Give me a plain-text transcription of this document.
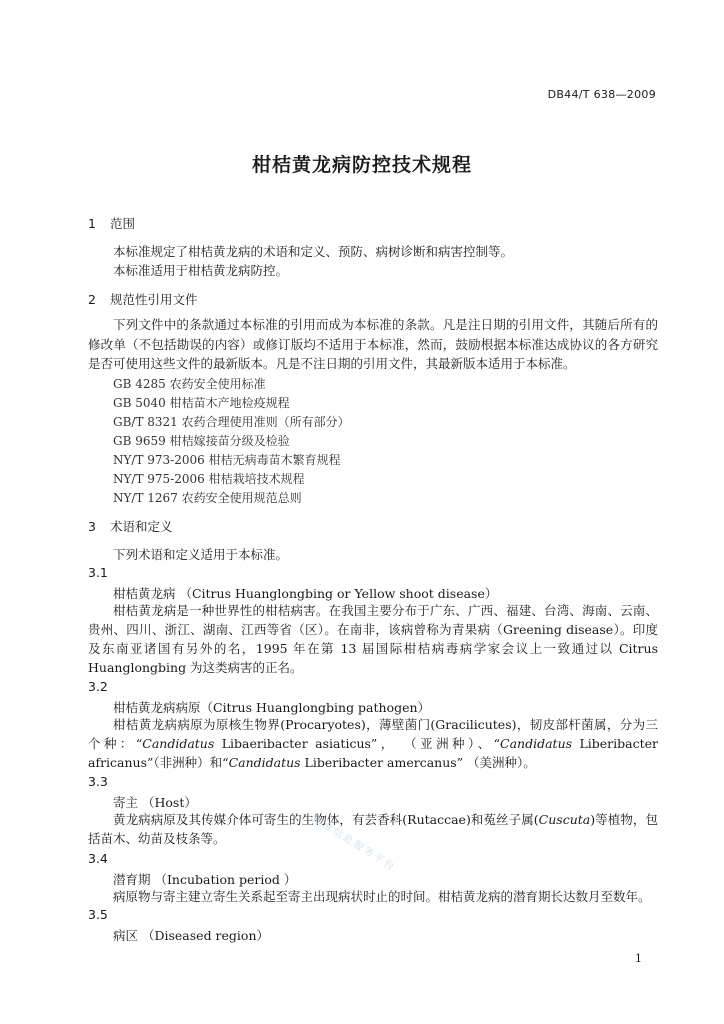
DB44/T 638—2009
柑桔黄龙病防控技术规程
1 范围
本标准规定了柑桔黄龙病的术语和定义、预防、病树诊断和病害控制等。
本标准适用于柑桔黄龙病防控。
2 规范性引用文件
下列文件中的条款通过本标准的引用而成为本标准的条款。凡是注日期的引用文件，其随后所有的修改单（不包括勘误的内容）或修订版均不适用于本标准，然而，鼓励根据本标准达成协议的各方研究是否可使用这些文件的最新版本。凡是不注日期的引用文件，其最新版本适用于本标准。
GB 4285 农药安全使用标准
GB 5040 柑桔苗木产地检疫规程
GB/T 8321 农药合理使用准则（所有部分）
GB 9659 柑桔嫁接苗分级及检验
NY/T 973-2006 柑桔无病毒苗木繁育规程
NY/T 975-2006 柑桔栽培技术规程
NY/T 1267 农药安全使用规范总则
3 术语和定义
下列术语和定义适用于本标准。
3.1
柑桔黄龙病 （Citrus Huanglongbing or Yellow shoot disease）
柑桔黄龙病是一种世界性的柑桔病害。在我国主要分布于广东、广西、福建、台湾、海南、云南、贵州、四川、浙江、湖南、江西等省（区）。在南非，该病曾称为青果病（Greening disease）。印度及东南亚诸国有另外的名，1995 年在第 13 届国际柑桔病毒病学家会议上一致通过以 Citrus Huanglongbing 为这类病害的正名。
3.2
柑桔黄龙病病原（Citrus Huanglongbing pathogen）
柑桔黄龙病病原为原核生物界(Procaryotes)，薄壁菌门(Gracilicutes)，韧皮部杆菌属，分为三个种：“Candidatus Libaeribacter asiaticus”， （亚洲种）、“Candidatus Liberibacter africanus”（非洲种）和“Candidatus Liberibacter amercanus” （美洲种）。
3.3
寄主 （Host）
黄龙病病原及其传媒介体可寄生的生物体，有芸香科(Rutaccae)和菟丝子属(Cuscuta)等植物，包括苗木、幼苗及枝条等。
3.4
潜育期 （Incubation period ）
病原物与寄主建立寄生关系起至寄主出现病状时止的时间。柑桔黄龙病的潜育期长达数月至数年。
3.5
病区 （Diseased region）
标准信息服务平台
1
